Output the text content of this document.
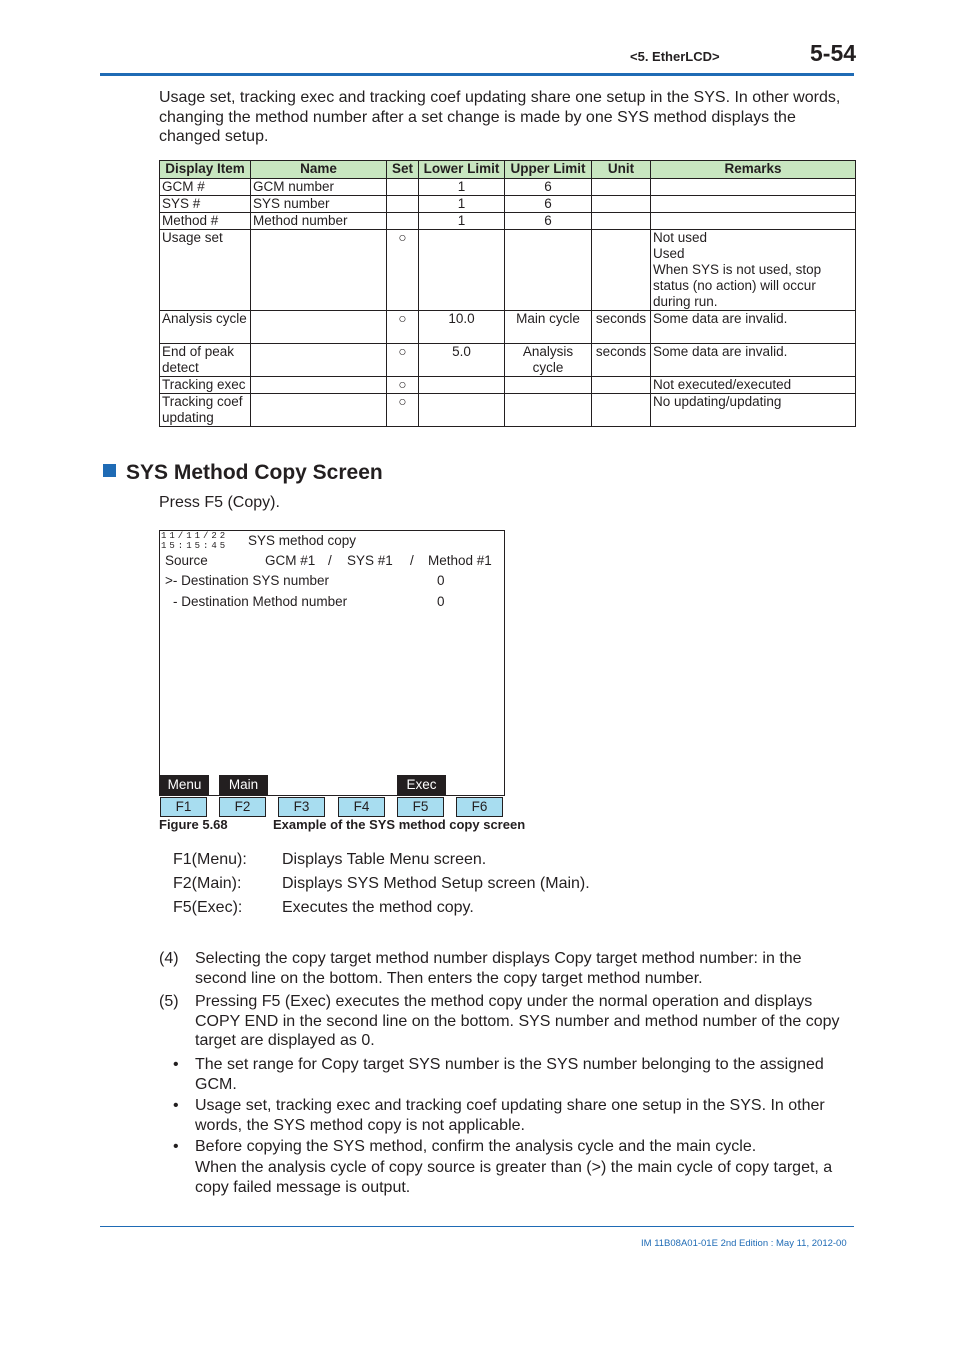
<5. EtherLCD>	5-54
Usage set, tracking exec and tracking coef updating share one setup in the SYS. In other words, changing the method number after a set change is made by one SYS method displays the changed setup.
Display Item	Name	Set	Lower Limit	Upper Limit	Unit	Remarks
GCM #	GCM number		1	6		
SYS #	SYS number		1	6		
Method #	Method number		1	6		
Usage set		○				Not used
Used
When SYS is not used, stop status (no action) will occur during run.
Analysis cycle		○	10.0	Main cycle	seconds	Some data are invalid.
End of peak detect		○	5.0	Analysis cycle	seconds	Some data are invalid.
Tracking exec		○				Not executed/executed
Tracking coef updating		○				No updating/updating
SYS Method Copy Screen
Press F5 (Copy).
11/11/22
15:15:45 SYS method copy
Source	GCM #1 / SYS #1 / Method #1
>- Destination SYS number	0
- Destination Method number	0
Menu	Main	Exec
F1	F2	F3	F4	F5	F6
Figure 5.68	Example of the SYS method copy screen
F1(Menu): Displays Table Menu screen.
F2(Main):	Displays SYS Method Setup screen (Main).
F5(Exec): Executes the method copy.
(4) Selecting the copy target method number displays Copy target method number: in the second line on the bottom. Then enters the copy target method number.
(5) Pressing F5 (Exec) executes the method copy under the normal operation and displays COPY END in the second line on the bottom. SYS number and method number of the copy target are displayed as 0.
• The set range for Copy target SYS number is the SYS number belonging to the assigned GCM.
• Usage set, tracking exec and tracking coef updating share one setup in the SYS. In other words, the SYS method copy is not applicable.
• Before copying the SYS method, confirm the analysis cycle and the main cycle.
When the analysis cycle of copy source is greater than (>) the main cycle of copy target, a copy failed message is output.
IM 11B08A01-01E 2nd Edition : May 11, 2012-00
